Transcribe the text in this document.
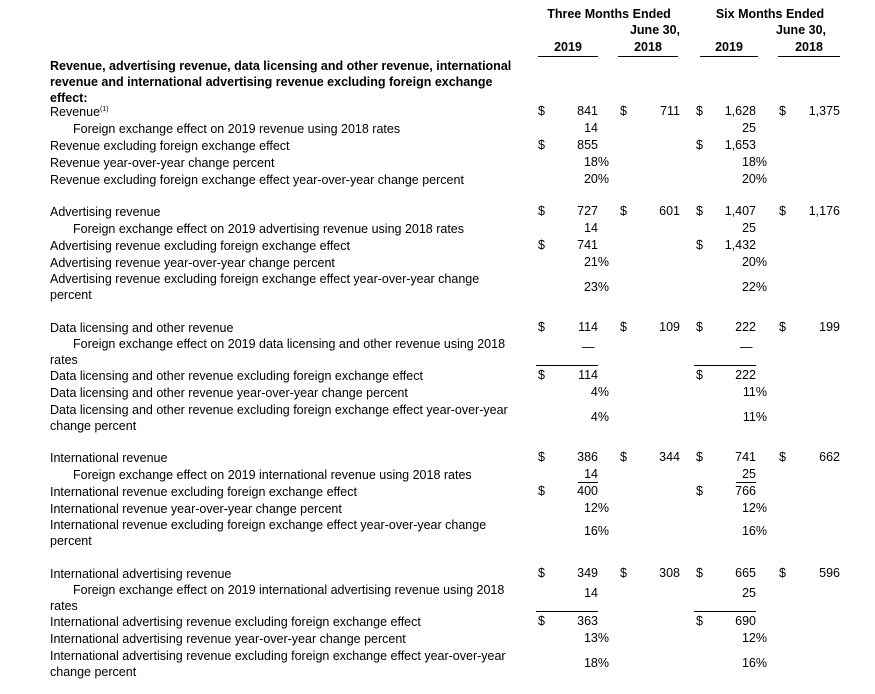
Three Months Ended
June 30,
Six Months Ended
June 30,
2019	2018	2019	2018
Revenue, advertising revenue, data licensing and other revenue, international revenue and international advertising revenue excluding foreign exchange effect:
Revenue$^{(1)}$	$	841 $	711 $ 1,628 $ 1,375
Foreign exchange effect on 2019 revenue using 2018 rates	14	25
Revenue excluding foreign exchange effect	$	855	$ 1,653
Revenue year-over-year change percent	18%	18%
Revenue excluding foreign exchange effect year-over-year change percent	20%	20%
Advertising revenue	$	727 $	601 $ 1,407 $ 1,176
Foreign exchange effect on 2019 advertising revenue using 2018 rates	14	25
Advertising revenue excluding foreign exchange effect	$	741	$ 1,432
Advertising revenue year-over-year change percent	21%	20%
Advertising revenue excluding foreign exchange effect year-over-year change percent
23%	22%
Data licensing and other revenue	$	114 $	109 $	222 $	199
Foreign exchange effect on 2019 data licensing and other revenue using 2018 rates
—	—
Data licensing and other revenue excluding foreign exchange effect	$	114	$	222
Data licensing and other revenue year-over-year change percent	4%	11%
Data licensing and other revenue excluding foreign exchange effect year-over-year change percent
4%	11%
International revenue	$	386 $	344 $	741 $	662
Foreign exchange effect on 2019 international revenue using 2018 rates	14	25
International revenue excluding foreign exchange effect	$	400	$	766
International revenue year-over-year change percent	12%	12%
International revenue excluding foreign exchange effect year-over-year change percent
16%	16%
International advertising revenue	$	349 $	308 $	665 $	596
Foreign exchange effect on 2019 international advertising revenue using 2018 rates
14	25
International advertising revenue excluding foreign exchange effect	$	363	$	690
International advertising revenue year-over-year change percent	13%	12%
International advertising revenue excluding foreign exchange effect year-over-year change percent
18%	16%
